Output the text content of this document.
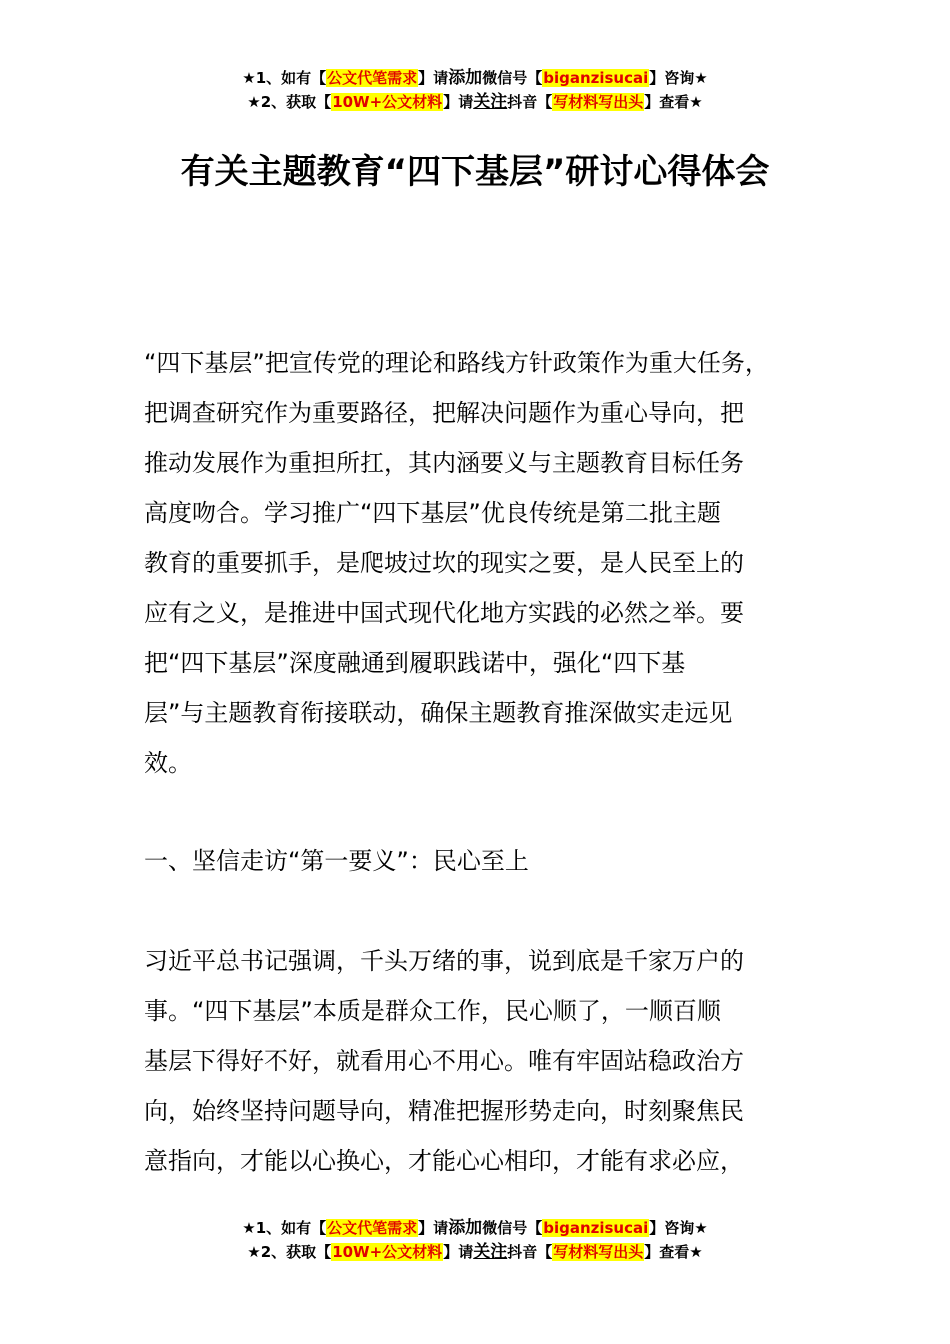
★1、如有【公文代笔需求】请添加微信号【biganzisucai】咨询★
★2、获取【10W+公文材料】请关注抖音【写材料写出头】查看★
有关主题教育“四下基层”研讨心得体会
“四下基层”把宣传党的理论和路线方针政策作为重大任务，
把调查研究作为重要路径，把解决问题作为重心导向，把
推动发展作为重担所扛，其内涵要义与主题教育目标任务
高度吻合。学习推广“四下基层”优良传统是第二批主题
教育的重要抓手，是爬坡过坎的现实之要，是人民至上的
应有之义，是推进中国式现代化地方实践的必然之举。要
把“四下基层”深度融通到履职践诺中，强化“四下基
层”与主题教育衔接联动，确保主题教育推深做实走远见
效。
一、坚信走访“第一要义”：民心至上
习近平总书记强调，千头万绪的事，说到底是千家万户的
事。“四下基层”本质是群众工作，民心顺了，一顺百顺
基层下得好不好，就看用心不用心。唯有牢固站稳政治方
向，始终坚持问题导向，精准把握形势走向，时刻聚焦民
意指向，才能以心换心，才能心心相印，才能有求必应，
★1、如有【公文代笔需求】请添加微信号【biganzisucai】咨询★
★2、获取【10W+公文材料】请关注抖音【写材料写出头】查看★
